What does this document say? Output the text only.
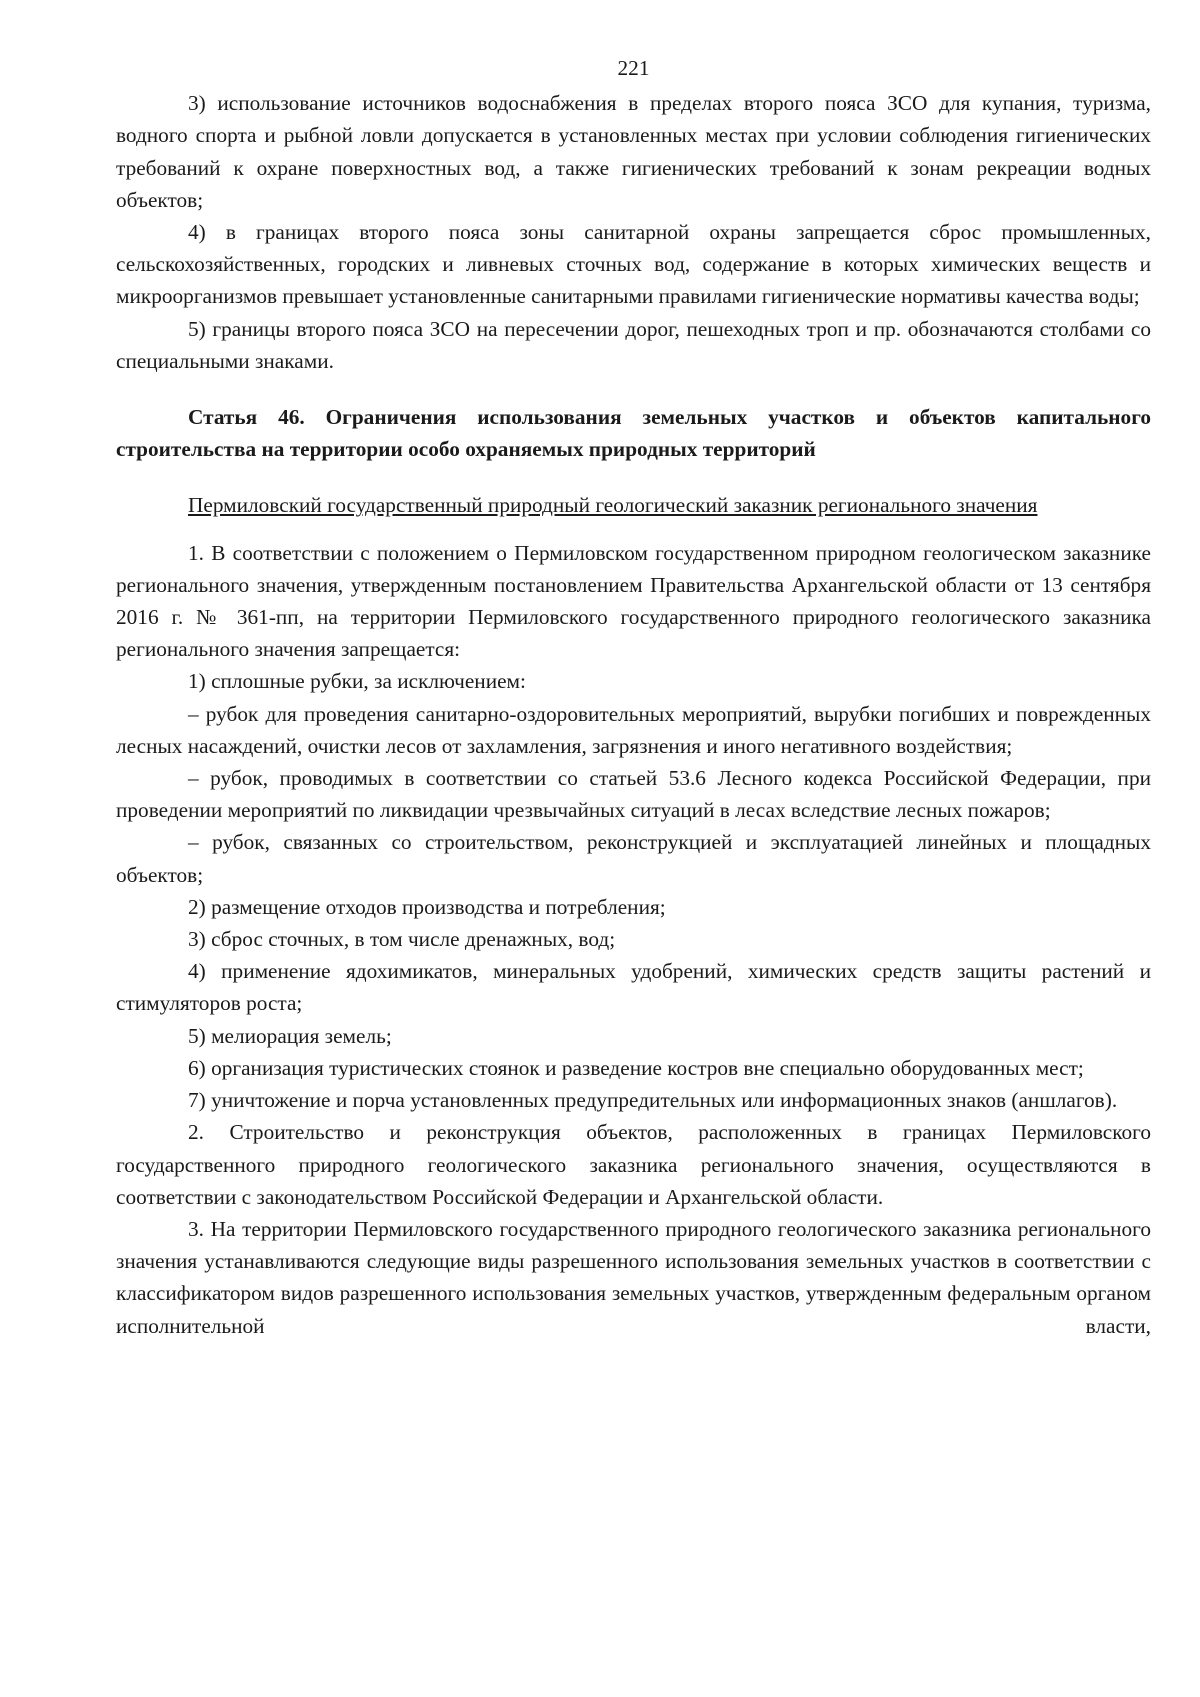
221

3) использование источников водоснабжения в пределах второго пояса ЗСО для купания, туризма, водного спорта и рыбной ловли допускается в установленных местах при условии соблюдения гигиенических требований к охране поверхностных вод, а также гигиенических требований к зонам рекреации водных объектов;

4) в границах второго пояса зоны санитарной охраны запрещается сброс промышленных, сельскохозяйственных, городских и ливневых сточных вод, содержание в которых химических веществ и микроорганизмов превышает установленные санитарными правилами гигиенические нормативы качества воды;

5) границы второго пояса ЗСО на пересечении дорог, пешеходных троп и пр. обозначаются столбами со специальными знаками.

Статья 46. Ограничения использования земельных участков и объектов капитального строительства на территории особо охраняемых природных территорий

Пермиловский государственный природный геологический заказник регионального значения

1. В соответствии с положением о Пермиловском государственном природном геологическом заказнике регионального значения, утвержденным постановлением Правительства Архангельской области от 13 сентября 2016 г. № 361-пп, на территории Пермиловского государственного природного геологического заказника регионального значения запрещается:

1) сплошные рубки, за исключением:

– рубок для проведения санитарно-оздоровительных мероприятий, вырубки погибших и поврежденных лесных насаждений, очистки лесов от захламления, загрязнения и иного негативного воздействия;

– рубок, проводимых в соответствии со статьей 53.6 Лесного кодекса Российской Федерации, при проведении мероприятий по ликвидации чрезвычайных ситуаций в лесах вследствие лесных пожаров;

– рубок, связанных со строительством, реконструкцией и эксплуатацией линейных и площадных объектов;

2) размещение отходов производства и потребления;

3) сброс сточных, в том числе дренажных, вод;

4) применение ядохимикатов, минеральных удобрений, химических средств защиты растений и стимуляторов роста;

5) мелиорация земель;

6) организация туристических стоянок и разведение костров вне специально оборудованных мест;

7) уничтожение и порча установленных предупредительных или информационных знаков (аншлагов).

2. Строительство и реконструкция объектов, расположенных в границах Пермиловского государственного природного геологического заказника регионального значения, осуществляются в соответствии с законодательством Российской Федерации и Архангельской области.

3. На территории Пермиловского государственного природного геологического заказника регионального значения устанавливаются следующие виды разрешенного использования земельных участков в соответствии с классификатором видов разрешенного использования земельных участков, утвержденным федеральным органом исполнительной власти,
